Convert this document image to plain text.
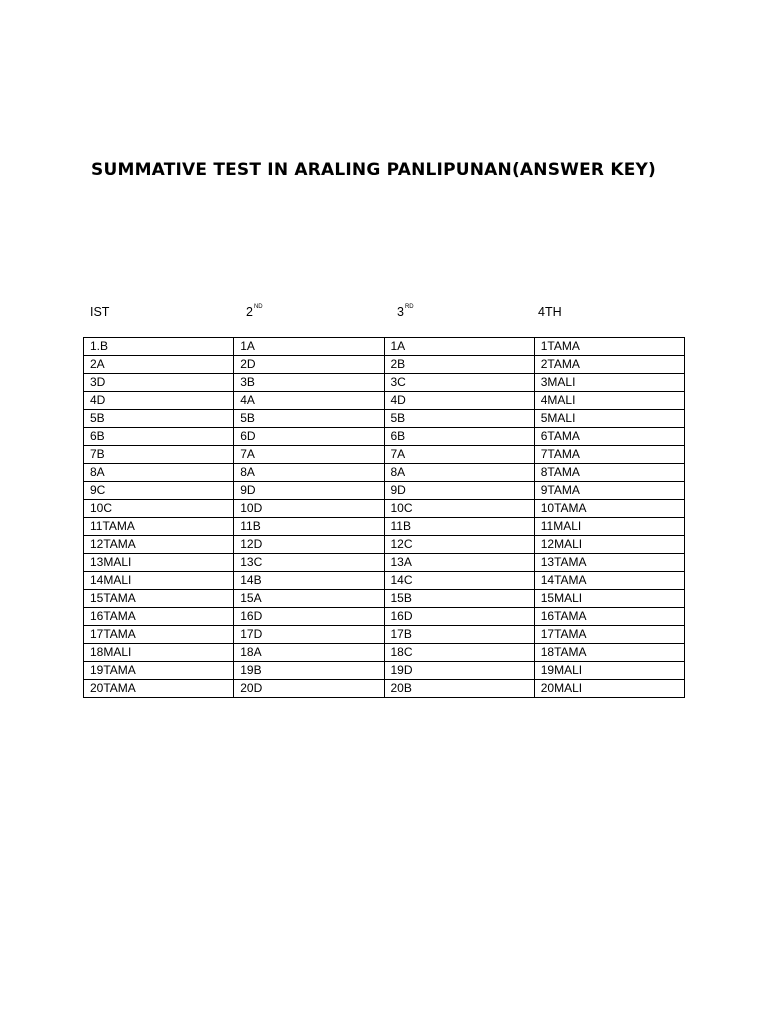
SUMMATIVE TEST IN ARALING PANLIPUNAN(ANSWER KEY)
IST	2ND	3RD	4TH
1.B	1A	1A	1TAMA
2A	2D	2B	2TAMA
3D	3B	3C	3MALI
4D	4A	4D	4MALI
5B	5B	5B	5MALI
6B	6D	6B	6TAMA
7B	7A	7A	7TAMA
8A	8A	8A	8TAMA
9C	9D	9D	9TAMA
10C	10D	10C	10TAMA
11TAMA	11B	11B	11MALI
12TAMA	12D	12C	12MALI
13MALI	13C	13A	13TAMA
14MALI	14B	14C	14TAMA
15TAMA	15A	15B	15MALI
16TAMA	16D	16D	16TAMA
17TAMA	17D	17B	17TAMA
18MALI	18A	18C	18TAMA
19TAMA	19B	19D	19MALI
20TAMA	20D	20B	20MALI
